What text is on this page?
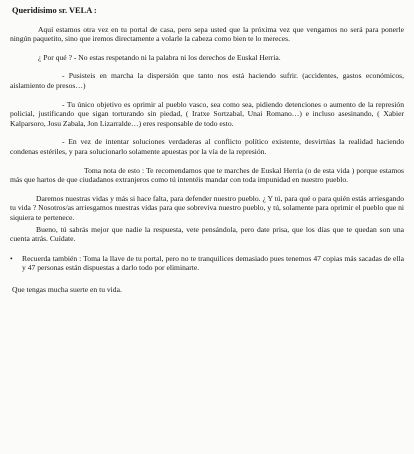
Queridísimo sr. VELA :

Aquí estamos otra vez en tu portal de casa, pero sepa usted que la próxima vez que vengamos no será para ponerle ningún paquetito, sino que iremos directamente a volarle la cabeza como bien te lo mereces.

¿ Por qué ? - No estas respetando ni la palabra ni los derechos de Euskal Herria.

- Pusisteis en marcha la dispersión que tanto nos está haciendo sufrir. (accidentes, gastos económicos, aislamiento de presos…)

- Tu único objetivo es oprimir al pueblo vasco, sea como sea, pidiendo detenciones o aumento de la represión policial, justificando que sigan torturando sin piedad, ( Iratxe Sortzabal, Unai Romano…) e incluso asesinando, ( Xabier Kalparsoro, Josu Zabala, Jon Lizarralde…) eres responsable de todo esto.

- En vez de intentar soluciones verdaderas al conflicto político existente, desvirtúas la realidad haciendo condenas estériles, y para solucionarlo solamente apuestas por la vía de la represión.

Toma nota de esto : Te recomendamos que te marches de Euskal Herria (o de esta vida ) porque estamos más que hartos de que ciudadanos extranjeros como tú intentéis mandar con toda impunidad en nuestro pueblo.

Daremos nuestras vidas y más si hace falta, para defender nuestro pueblo. ¿ Y tú, para qué o para quién estás arriesgando tu vida ? Nosotros/as arriesgamos nuestras vidas para que sobreviva nuestro pueblo, y tú, solamente para oprimir el pueblo que ni siquiera te pertenece.

Bueno, tú sabrás mejor que nadie la respuesta, vete pensándola, pero date prisa, que los días que te quedan son una cuenta atrás. Cuídate.

• Recuerda también : Toma la llave de tu portal, pero no te tranquilices demasiado pues tenemos 47 copias más sacadas de ella y 47 personas están dispuestas a darlo todo por eliminarte.

Que tengas mucha suerte en tu vida.
